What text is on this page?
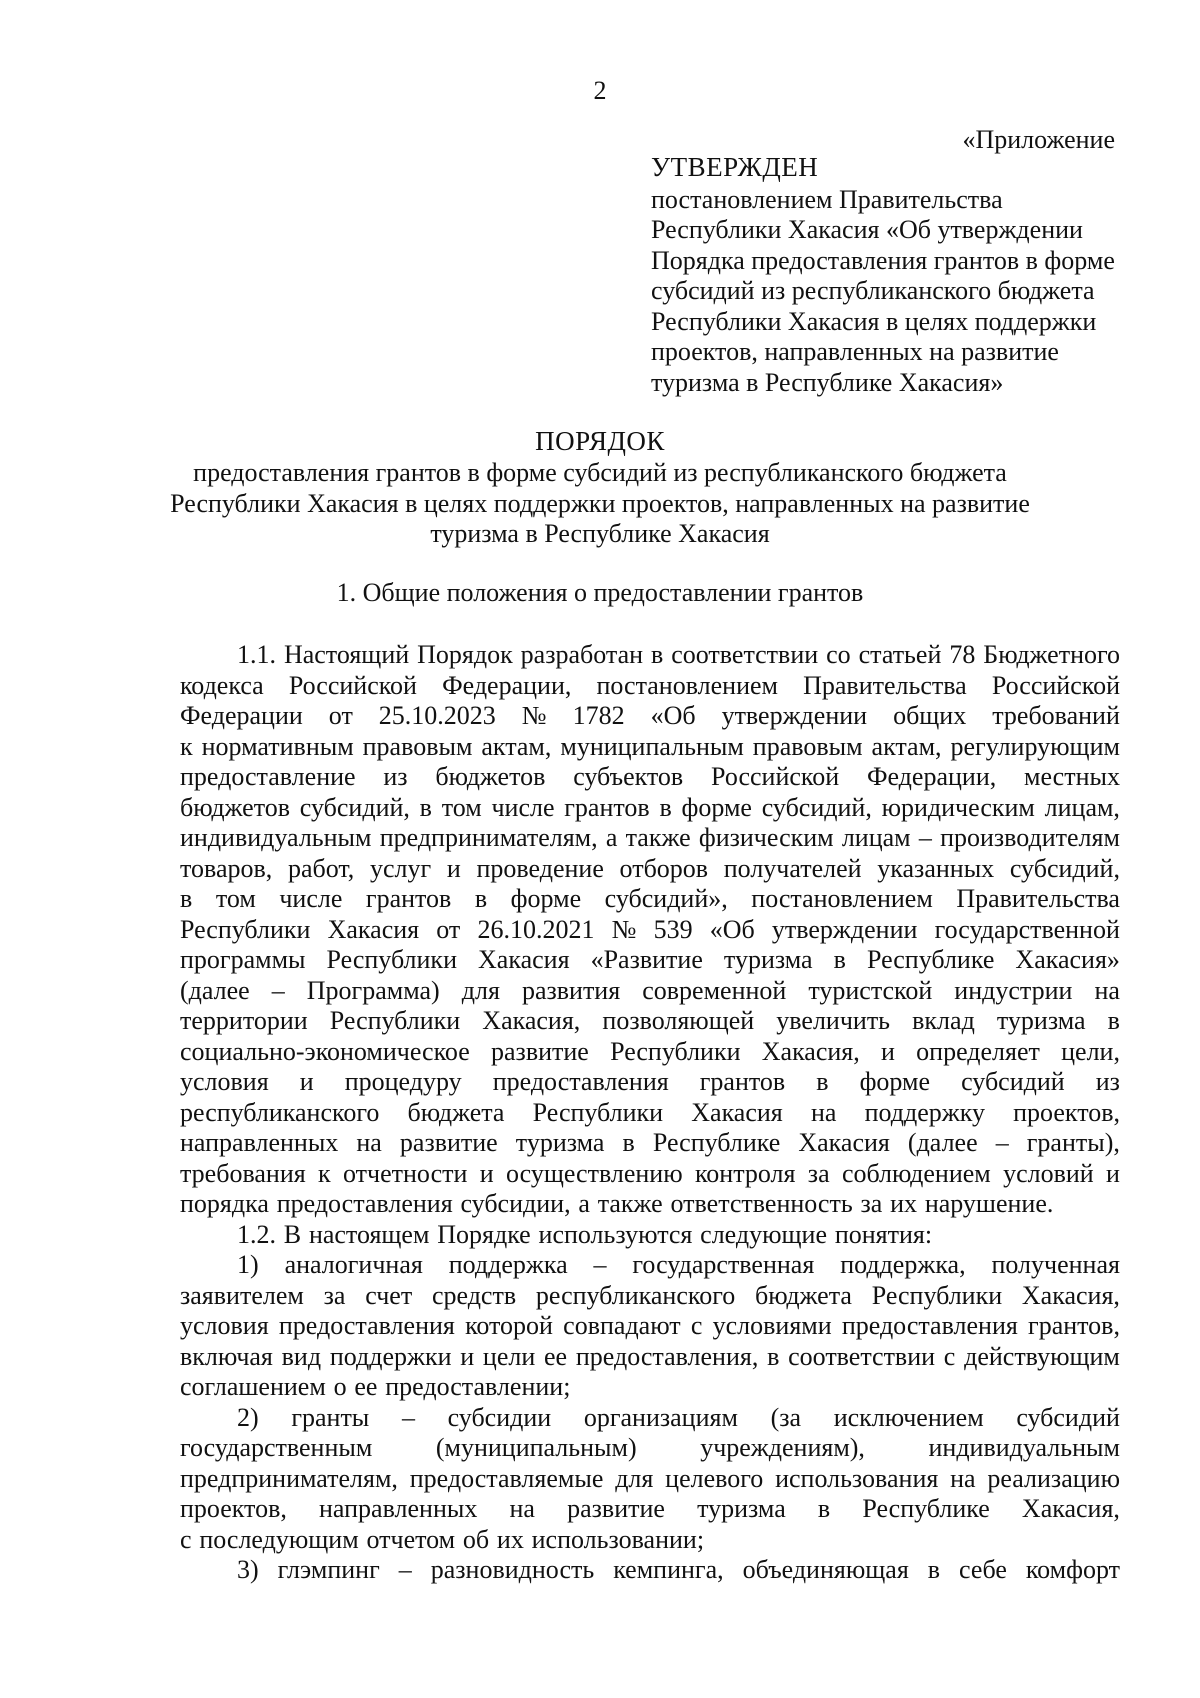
2
«Приложение
УТВЕРЖДЕН
постановлением Правительства
Республики Хакасия «Об утверждении
Порядка предоставления грантов в форме
субсидий из республиканского бюджета
Республики Хакасия в целях поддержки
проектов, направленных на развитие
туризма в Республике Хакасия»
ПОРЯДОК
предоставления грантов в форме субсидий из республиканского бюджета
Республики Хакасия в целях поддержки проектов, направленных на развитие
туризма в Республике Хакасия
1. Общие положения о предоставлении грантов
1.1. Настоящий Порядок разработан в соответствии со статьей 78 Бюджетного
кодекса Российской Федерации, постановлением Правительства Российской
Федерации от 25.10.2023 № 1782 «Об утверждении общих требований
к нормативным правовым актам, муниципальным правовым актам, регулирующим
предоставление из бюджетов субъектов Российской Федерации, местных
бюджетов субсидий, в том числе грантов в форме субсидий, юридическим лицам,
индивидуальным предпринимателям, а также физическим лицам – производителям
товаров, работ, услуг и проведение отборов получателей указанных субсидий,
в том числе грантов в форме субсидий», постановлением Правительства
Республики Хакасия от 26.10.2021 № 539 «Об утверждении государственной
программы Республики Хакасия «Развитие туризма в Республике Хакасия»
(далее – Программа) для развития современной туристской индустрии на
территории Республики Хакасия, позволяющей увеличить вклад туризма в
социально-экономическое развитие Республики Хакасия, и определяет цели,
условия и процедуру предоставления грантов в форме субсидий из
республиканского бюджета Республики Хакасия на поддержку проектов,
направленных на развитие туризма в Республике Хакасия (далее – гранты),
требования к отчетности и осуществлению контроля за соблюдением условий и
порядка предоставления субсидии, а также ответственность за их нарушение.
1.2. В настоящем Порядке используются следующие понятия:
1) аналогичная поддержка – государственная поддержка, полученная
заявителем за счет средств республиканского бюджета Республики Хакасия,
условия предоставления которой совпадают с условиями предоставления грантов,
включая вид поддержки и цели ее предоставления, в соответствии с действующим
соглашением о ее предоставлении;
2) гранты – субсидии организациям (за исключением субсидий
государственным (муниципальным) учреждениям), индивидуальным
предпринимателям, предоставляемые для целевого использования на реализацию
проектов, направленных на развитие туризма в Республике Хакасия,
с последующим отчетом об их использовании;
3) глэмпинг – разновидность кемпинга, объединяющая в себе комфорт
